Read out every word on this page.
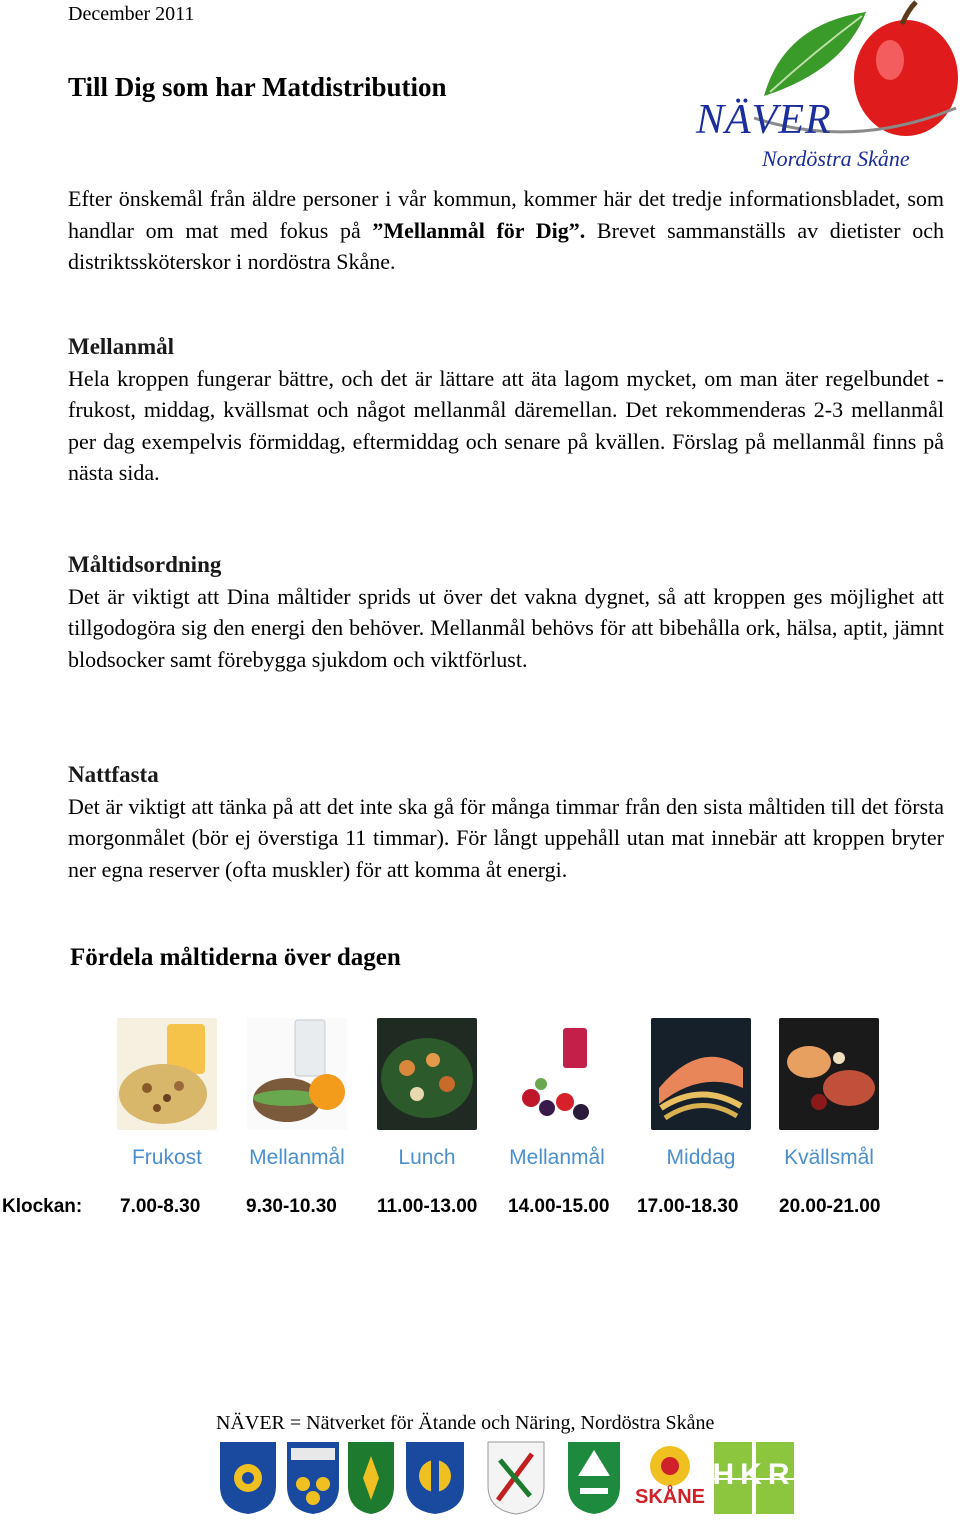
December 2011
Till Dig som har Matdistribution
NÄVER
Nordöstra Skåne

Efter önskemål från äldre personer i vår kommun, kommer här det tredje informationsbladet, som handlar om mat med fokus på ”Mellanmål för Dig”. Brevet sammanställs av dietister och distriktssköterskor i nordöstra Skåne.

Mellanmål

Hela kroppen fungerar bättre, och det är lättare att äta lagom mycket, om man äter regelbundet - frukost, middag, kvällsmat och något mellanmål däremellan. Det rekommenderas 2-3 mellanmål per dag exempelvis förmiddag, eftermiddag och senare på kvällen. Förslag på mellanmål finns på nästa sida.

Måltidsordning

Det är viktigt att Dina måltider sprids ut över det vakna dygnet, så att kroppen ges möjlighet att tillgodogöra sig den energi den behöver. Mellanmål behövs för att bibehålla ork, hälsa, aptit, jämnt blodsocker samt förebygga sjukdom och viktförlust.

Nattfasta

Det är viktigt att tänka på att det inte ska gå för många timmar från den sista måltiden till det första morgonmålet (bör ej överstiga 11 timmar). För långt uppehåll utan mat innebär att kroppen bryter ner egna reserver (ofta muskler) för att komma åt energi.

Fördela måltiderna över dagen
Frukost	Mellanmål	Lunch	Mellanmål	Middag	Kvällsmål
Klockan: 7.00-8.30 9.30-10.30 11.00-13.00 14.00-15.00 17.00-18.30 20.00-21.00
NÄVER = Nätverket för Ätande och Näring, Nordöstra Skåne
SKÅNE
HKR
